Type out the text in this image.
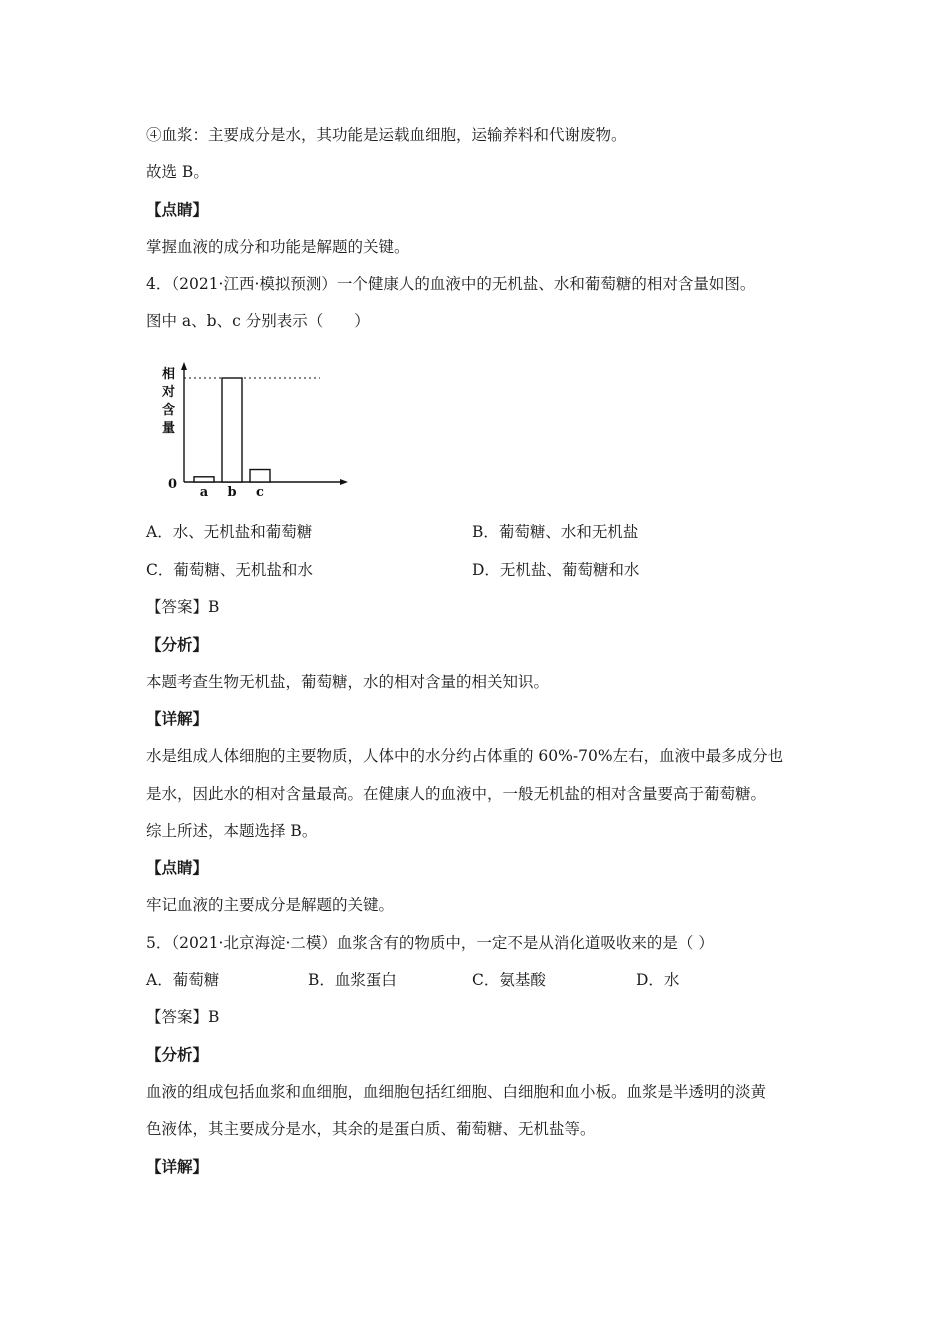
④血浆：主要成分是水，其功能是运载血细胞，运输养料和代谢废物。
故选 B。
【点睛】
掌握血液的成分和功能是解题的关键。
4．（2021·江西·模拟预测）一个健康人的血液中的无机盐、水和葡萄糖的相对含量如图。
图中 a、b、c 分别表示（　　）
相
对
含
量
0
a b c
A．水、无机盐和葡萄糖	B．葡萄糖、水和无机盐
C．葡萄糖、无机盐和水	D．无机盐、葡萄糖和水
【答案】B
【分析】
本题考查生物无机盐，葡萄糖，水的相对含量的相关知识。
【详解】
水是组成人体细胞的主要物质，人体中的水分约占体重的 60%-70%左右，血液中最多成分也
是水，因此水的相对含量最高。在健康人的血液中，一般无机盐的相对含量要高于葡萄糖。
综上所述，本题选择 B。
【点睛】
牢记血液的主要成分是解题的关键。
5．（2021·北京海淀·二模）血浆含有的物质中，一定不是从消化道吸收来的是（ ）
A．葡萄糖	B．血浆蛋白	C．氨基酸	D．水
【答案】B
【分析】
血液的组成包括血浆和血细胞，血细胞包括红细胞、白细胞和血小板。血浆是半透明的淡黄
色液体，其主要成分是水，其余的是蛋白质、葡萄糖、无机盐等。
【详解】
